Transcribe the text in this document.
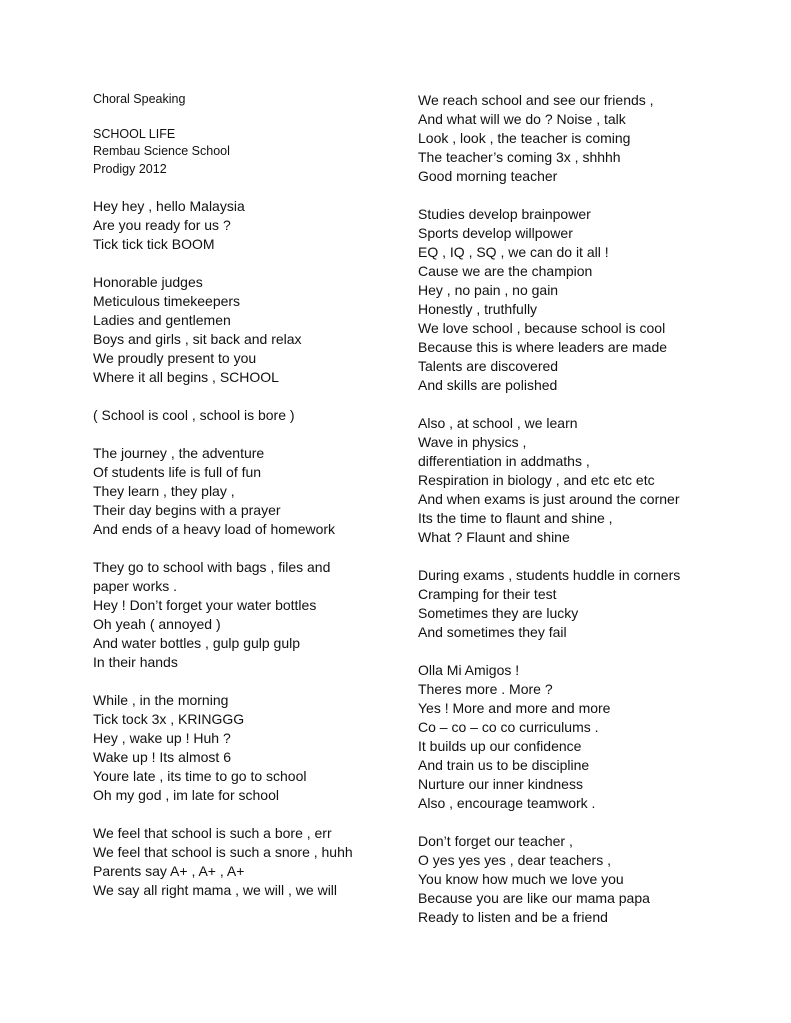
Choral Speaking
SCHOOL LIFE
Rembau Science School
Prodigy 2012
Hey hey , hello Malaysia
Are you ready for us ?
Tick tick tick BOOM
Honorable judges
Meticulous timekeepers
Ladies and gentlemen
Boys and girls , sit back and relax
We proudly present to you
Where it all begins , SCHOOL
( School is cool , school is bore )
The journey , the adventure
Of students life is full of fun
They learn , they play ,
Their day begins with a prayer
And ends of a heavy load of homework
They go to school with bags , files and
paper works .
Hey ! Don’t forget your water bottles
Oh yeah ( annoyed )
And water bottles , gulp gulp gulp
In their hands
While , in the morning
Tick tock 3x , KRINGGG
Hey , wake up ! Huh ?
Wake up ! Its almost 6
Youre late , its time to go to school
Oh my god , im late for school
We feel that school is such a bore , err
We feel that school is such a snore , huhh
Parents say A+ , A+ , A+
We say all right mama , we will , we will
We reach school and see our friends ,
And what will we do ? Noise , talk
Look , look , the teacher is coming
The teacher’s coming 3x , shhhh
Good morning teacher
Studies develop brainpower
Sports develop willpower
EQ , IQ , SQ , we can do it all !
Cause we are the champion
Hey , no pain , no gain
Honestly , truthfully
We love school , because school is cool
Because this is where leaders are made
Talents are discovered
And skills are polished
Also , at school , we learn
Wave in physics ,
differentiation in addmaths ,
Respiration in biology , and etc etc etc
And when exams is just around the corner
Its the time to flaunt and shine ,
What ? Flaunt and shine
During exams , students huddle in corners
Cramping for their test
Sometimes they are lucky
And sometimes they fail
Olla Mi Amigos !
Theres more . More ?
Yes ! More and more and more
Co – co – co co curriculums .
It builds up our confidence
And train us to be discipline
Nurture our inner kindness
Also , encourage teamwork .
Don’t forget our teacher ,
O yes yes yes , dear teachers ,
You know how much we love you
Because you are like our mama papa
Ready to listen and be a friend
